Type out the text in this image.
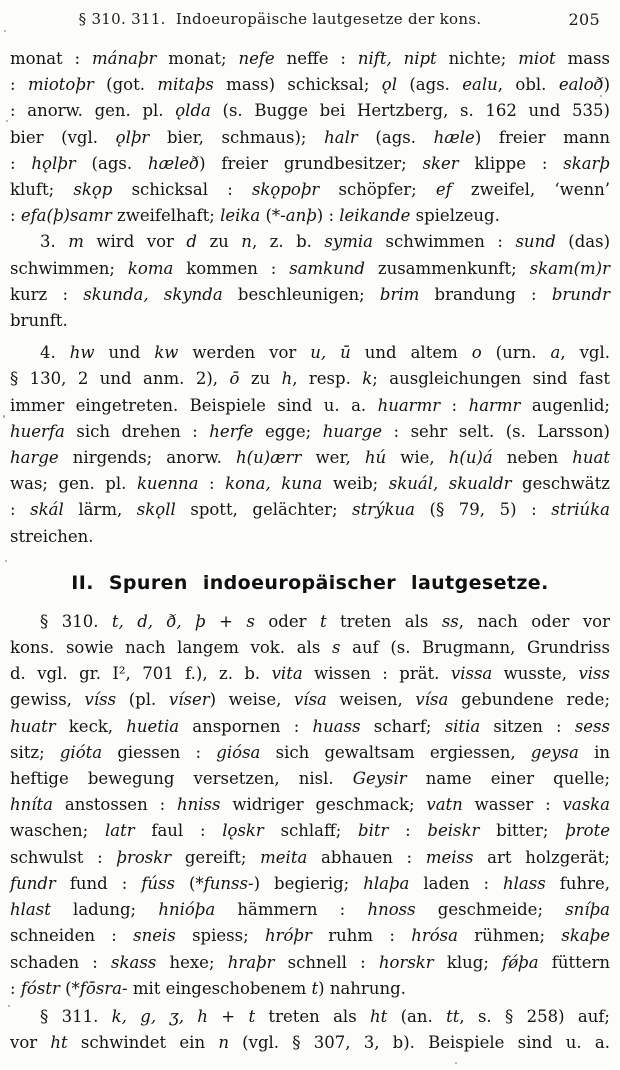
§ 310. 311. Indoeuropäische lautgesetze der kons.	205
monat : mánaþr monat; nefe neffe : nift, nipt nichte; miot mass
: miotoþr (got. mitaþs mass) schicksal; ǫl (ags. ealu, obl. ealoð)
: anorw. gen. pl. ǫlda (s. Bugge bei Hertzberg, s. 162 und 535)
bier (vgl. ǫlþr bier, schmaus); halr (ags. hæle) freier mann
: hǫlþr (ags. hæleð) freier grundbesitzer; sker klippe : skarþ
kluft; skǫp schicksal : skǫpoþr schöpfer; ef zweifel, ‘wenn’
: efa(þ)samr zweifelhaft; leika (*-anþ) : leikande spielzeug.
3. m wird vor d zu n, z. b. symia schwimmen : sund (das)
schwimmen; koma kommen : samkund zusammenkunft; skam(m)r
kurz : skunda, skynda beschleunigen; brim brandung : brundr
brunft.
4. hw und kw werden vor u, ū und altem o (urn. a, vgl.
§ 130, 2 und anm. 2), ō zu h, resp. k; ausgleichungen sind fast
immer eingetreten. Beispiele sind u. a. huarmr : harmr augenlid;
huerfa sich drehen : herfe egge; huarge : sehr selt. (s. Larsson)
harge nirgends; anorw. h(u)ærr wer, hú wie, h(u)á neben huat
was; gen. pl. kuenna : kona, kuna weib; skuál, skualdr geschwätz
: skál lärm, skǫll spott, gelächter; strýkua (§ 79, 5) : striúka
streichen.
II. Spuren indoeuropäischer lautgesetze.
§ 310. t, d, ð, þ + s oder t treten als ss, nach oder vor
kons. sowie nach langem vok. als s auf (s. Brugmann, Grundriss
d. vgl. gr. I², 701 f.), z. b. vita wissen : prät. vissa wusste, viss
gewiss, víss (pl. víser) weise, vísa weisen, vísa gebundene rede;
huatr keck, huetia anspornen : huass scharf; sitia sitzen : sess
sitz; gióta giessen : giósa sich gewaltsam ergiessen, geysa in
heftige bewegung versetzen, nisl. Geysir name einer quelle;
hníta anstossen : hniss widriger geschmack; vatn wasser : vaska
waschen; latr faul : lǫskr schlaff; bitr : beiskr bitter; þrote
schwulst : þroskr gereift; meita abhauen : meiss art holzgerät;
fundr fund : fúss (*funss-) begierig; hlaþa laden : hlass fuhre,
hlast ladung; hnióþa hämmern : hnoss geschmeide; sníþa
schneiden : sneis spiess; hróþr ruhm : hrósa rühmen; skaþe
schaden : skass hexe; hraþr schnell : horskr klug; fǿþa füttern
: fóstr (*fōsra- mit eingeschobenem t) nahrung.
§ 311. k, g, ʒ, h + t treten als ht (an. tt, s. § 258) auf;
vor ht schwindet ein n (vgl. § 307, 3, b). Beispiele sind u. a.
